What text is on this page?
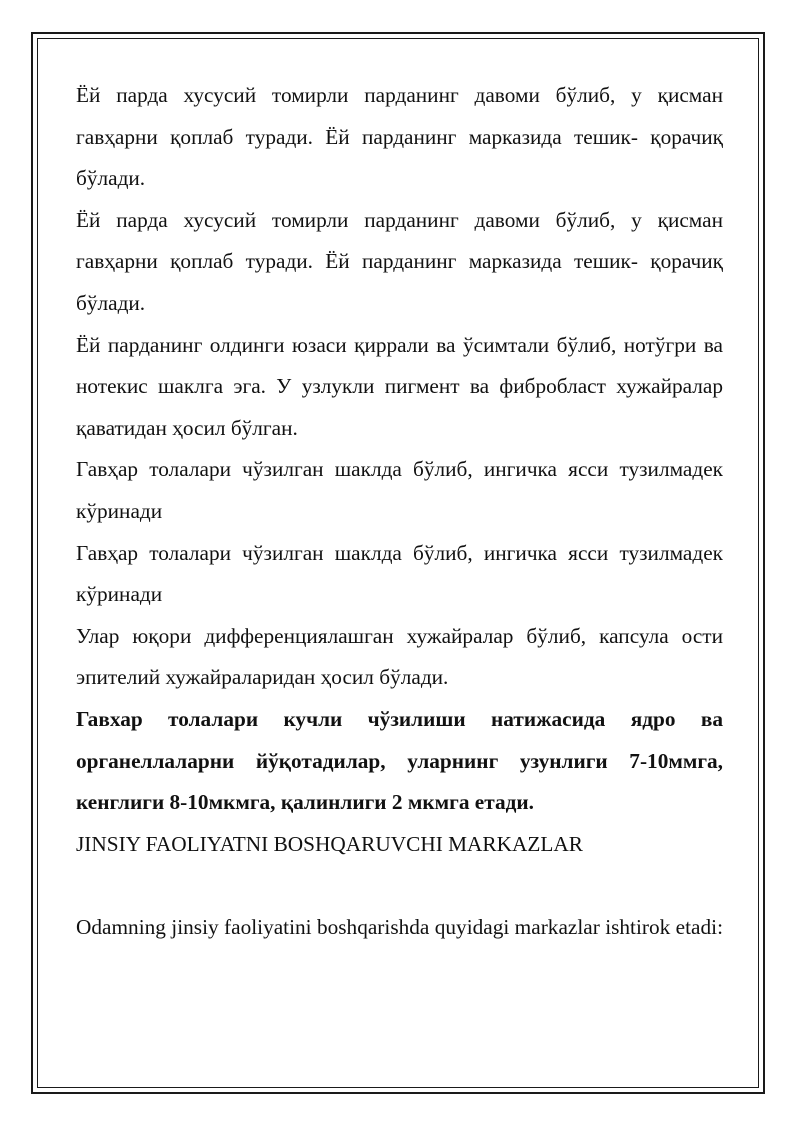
Ёй парда хусусий томирли парданинг давоми бўлиб, у қисман гавҳарни қоплаб туради. Ёй парданинг марказида тешик- қорачиқ бўлади.

Ёй парда хусусий томирли парданинг давоми бўлиб, у қисман гавҳарни қоплаб туради. Ёй парданинг марказида тешик- қорачиқ бўлади.

Ёй парданинг олдинги юзаси қиррали ва ўсимтали бўлиб, нотўгри ва нотекис шаклга эга. У узлукли пигмент ва фибробласт хужайралар қаватидан ҳосил бўлган.

Гавҳар толалари чўзилган шаклда бўлиб, ингичка ясси тузилмадек кўринади

Гавҳар толалари чўзилган шаклда бўлиб, ингичка ясси тузилмадек кўринади

Улар юқори дифференциялашган хужайралар бўлиб, капсула ости эпителий хужайраларидан ҳосил бўлади.

Гавхар толалари кучли чўзилиши натижасида ядро ва органеллаларни йўқотадилар, уларнинг узунлиги 7-10ммга, кенглиги 8-10мкмга, қалинлиги 2 мкмга етади.

JINSIY FAOLIYATNI BOSHQARUVCHI MARKAZLAR

Odamning jinsiy faoliyatini boshqarishda quyidagi markazlar ishtirok etadi:
